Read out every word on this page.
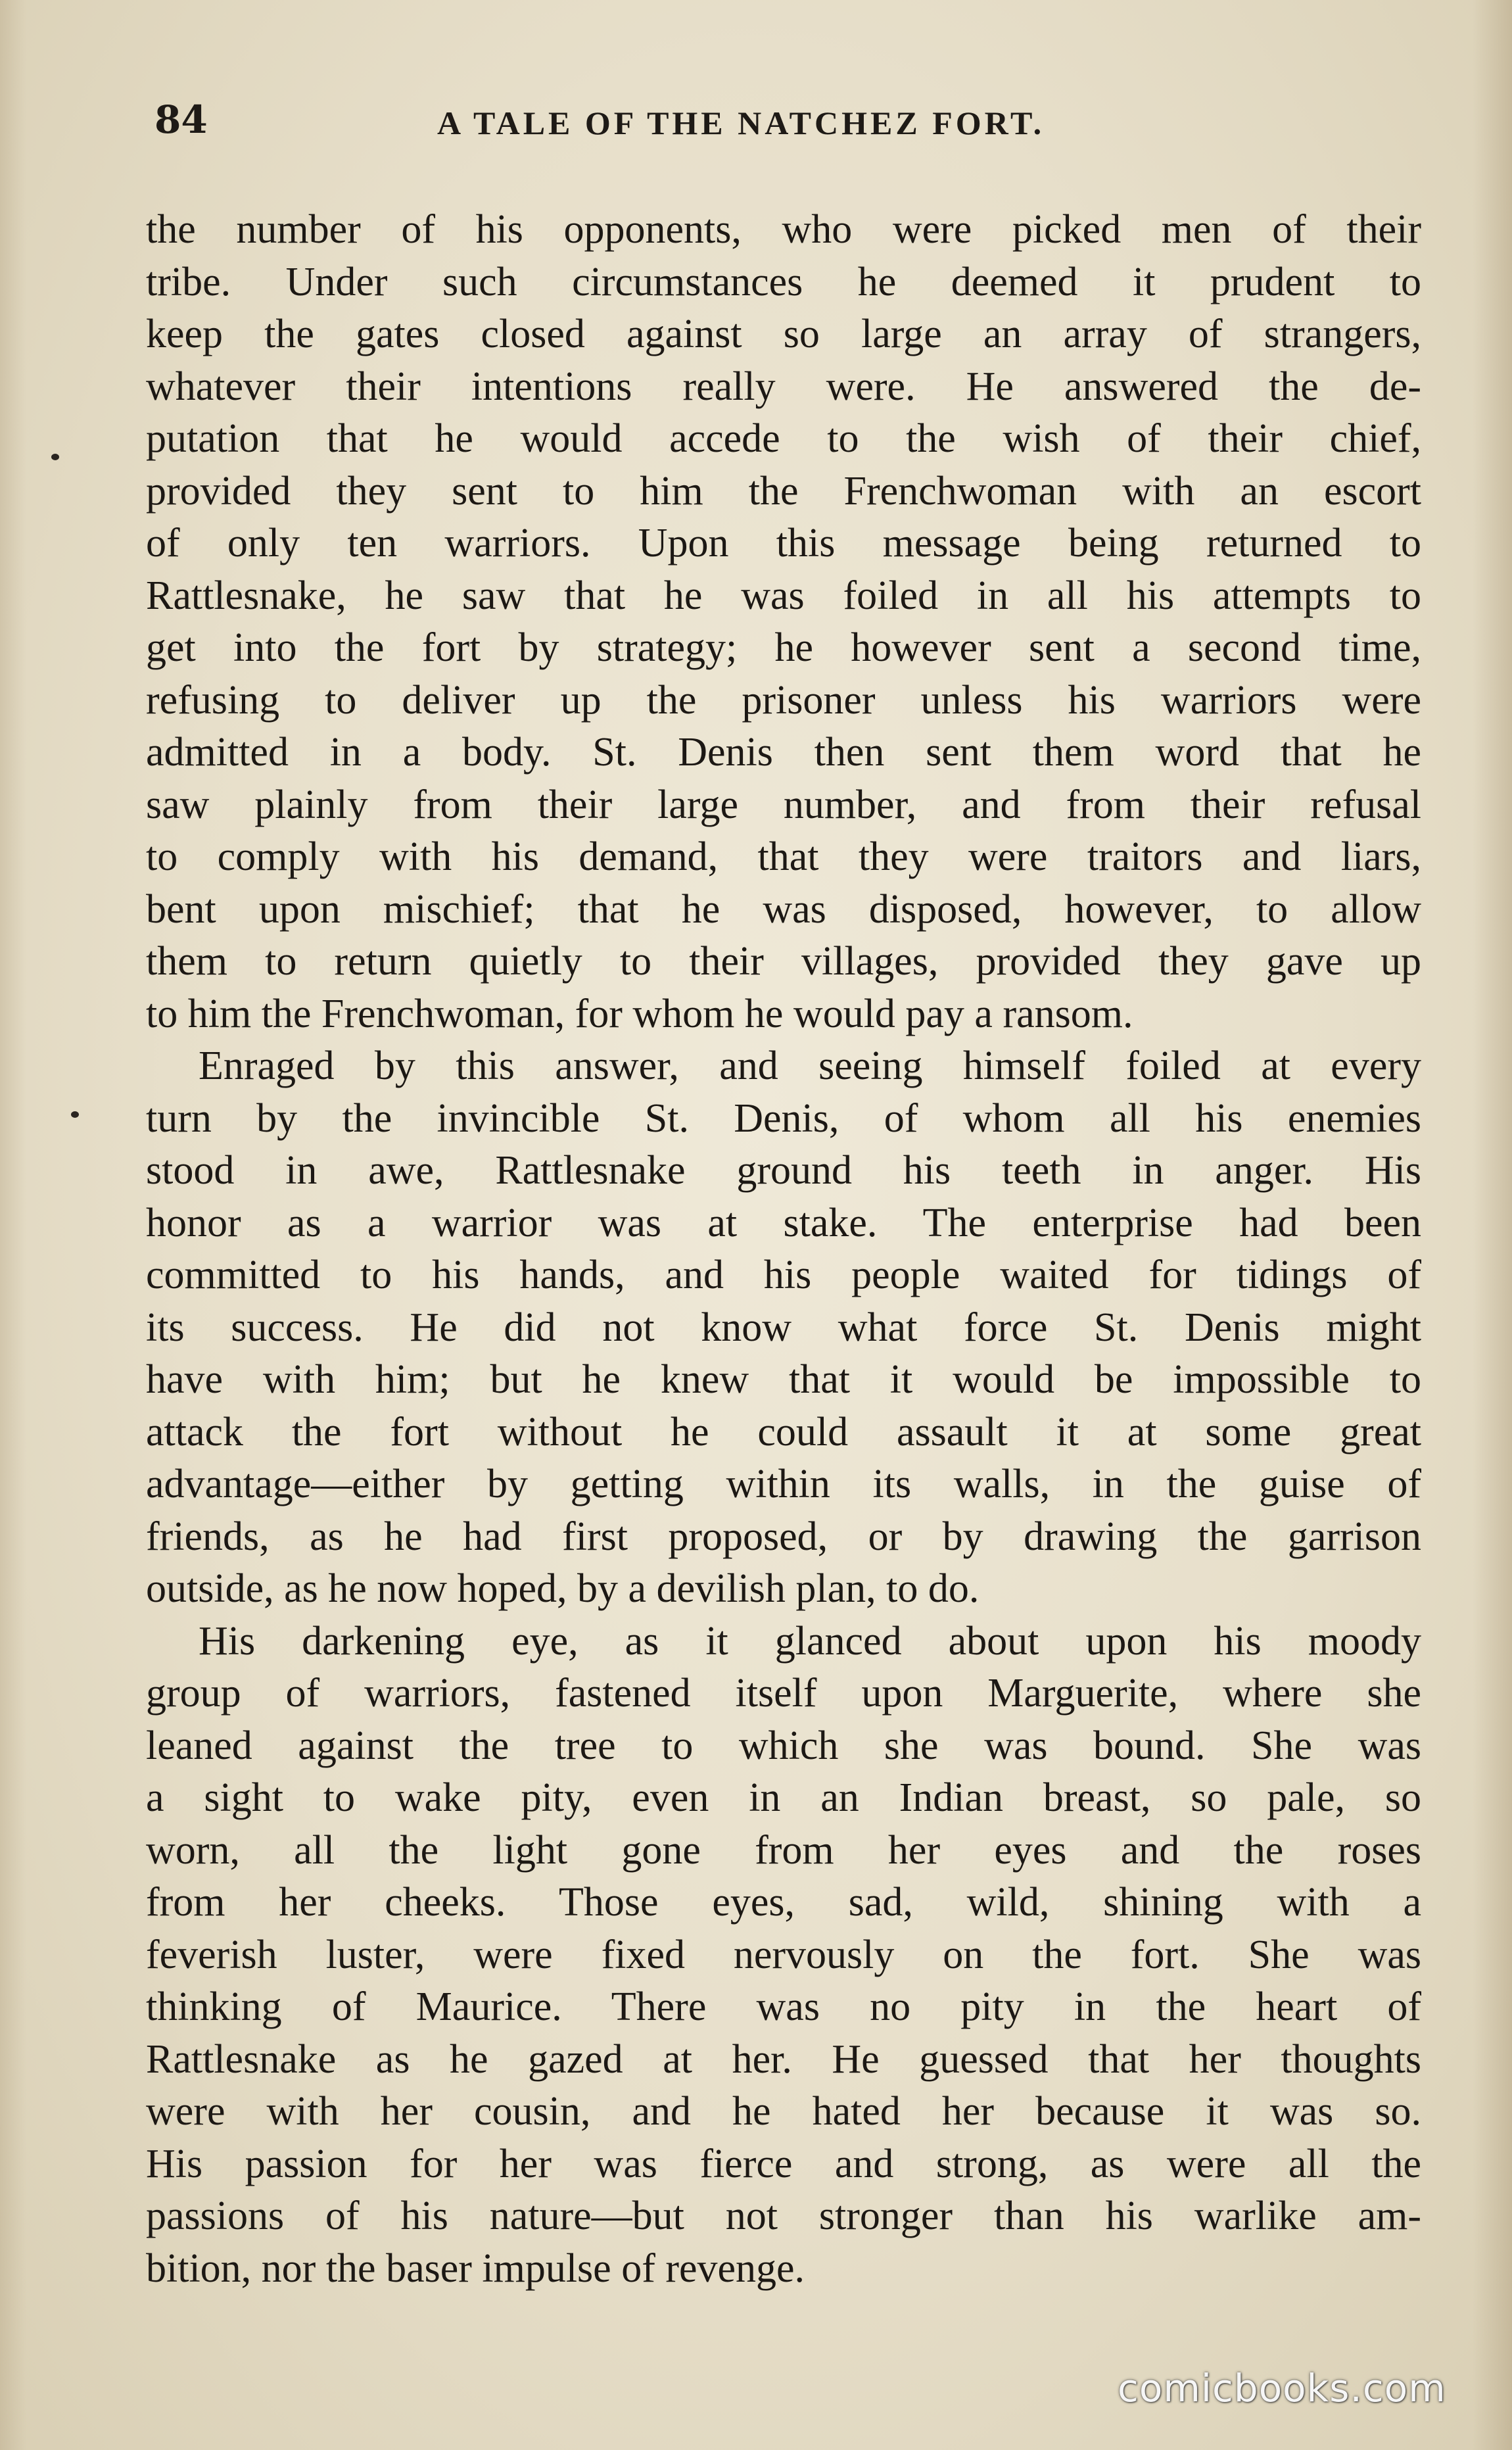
84	A TALE OF THE NATCHEZ FORT.
the number of his opponents, who were picked men of their
tribe. Under such circumstances he deemed it prudent to
keep the gates closed against so large an array of strangers,
whatever their intentions really were. He answered the de-
putation that he would accede to the wish of their chief,
provided they sent to him the Frenchwoman with an escort
of only ten warriors. Upon this message being returned to
Rattlesnake, he saw that he was foiled in all his attempts to
get into the fort by strategy; he however sent a second time,
refusing to deliver up the prisoner unless his warriors were
admitted in a body. St. Denis then sent them word that he
saw plainly from their large number, and from their refusal
to comply with his demand, that they were traitors and liars,
bent upon mischief; that he was disposed, however, to allow
them to return quietly to their villages, provided they gave up
to him the Frenchwoman, for whom he would pay a ransom.
Enraged by this answer, and seeing himself foiled at every
turn by the invincible St. Denis, of whom all his enemies
stood in awe, Rattlesnake ground his teeth in anger. His
honor as a warrior was at stake. The enterprise had been
committed to his hands, and his people waited for tidings of
its success. He did not know what force St. Denis might
have with him; but he knew that it would be impossible to
attack the fort without he could assault it at some great
advantage—either by getting within its walls, in the guise of
friends, as he had first proposed, or by drawing the garrison
outside, as he now hoped, by a devilish plan, to do.
His darkening eye, as it glanced about upon his moody
group of warriors, fastened itself upon Marguerite, where she
leaned against the tree to which she was bound. She was
a sight to wake pity, even in an Indian breast, so pale, so
worn, all the light gone from her eyes and the roses
from her cheeks. Those eyes, sad, wild, shining with a
feverish luster, were fixed nervously on the fort. She was
thinking of Maurice. There was no pity in the heart of
Rattlesnake as he gazed at her. He guessed that her thoughts
were with her cousin, and he hated her because it was so.
His passion for her was fierce and strong, as were all the
passions of his nature—but not stronger than his warlike am-
bition, nor the baser impulse of revenge.
comicbooks.com
